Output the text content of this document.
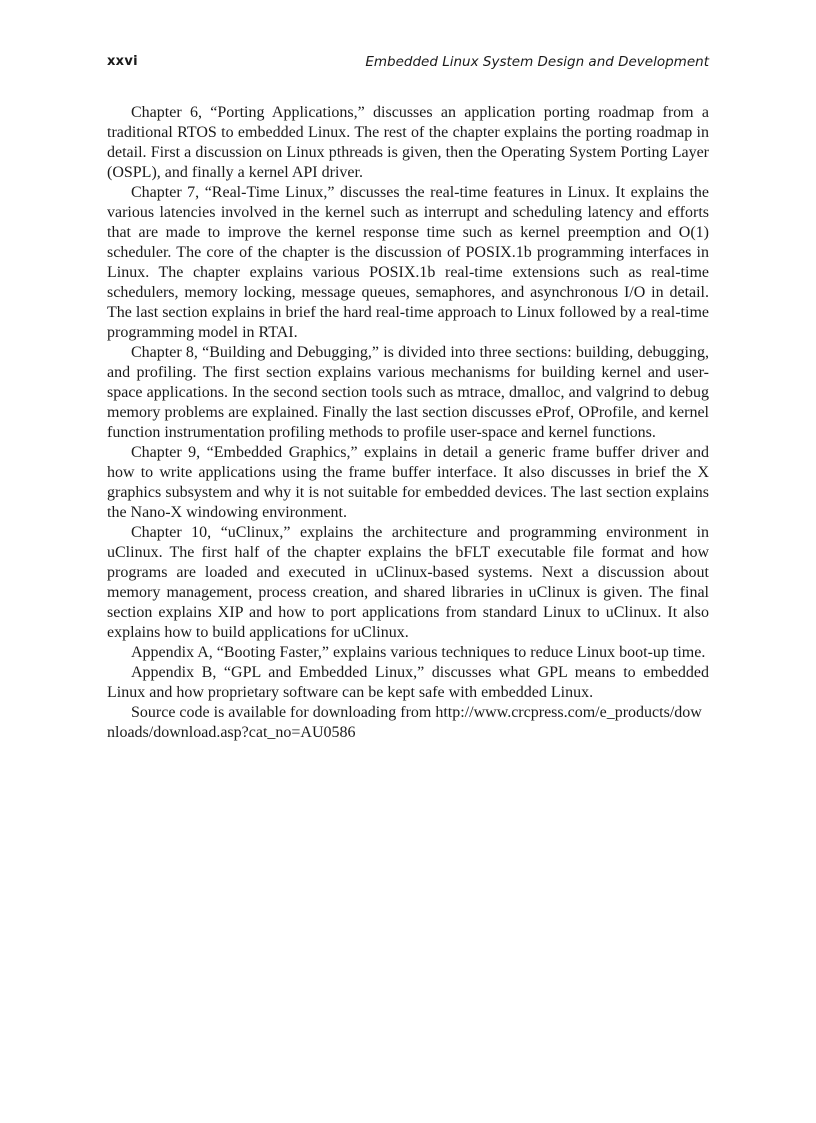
xxvi	Embedded Linux System Design and Development

Chapter 6, “Porting Applications,” discusses an application porting roadmap from a traditional RTOS to embedded Linux. The rest of the chapter explains the porting roadmap in detail. First a discussion on Linux pthreads is given, then the Operating System Porting Layer (OSPL), and finally a kernel API driver.

Chapter 7, “Real-Time Linux,” discusses the real-time features in Linux. It explains the various latencies involved in the kernel such as interrupt and scheduling latency and efforts that are made to improve the kernel response time such as kernel preemption and O(1) scheduler. The core of the chapter is the discussion of POSIX.1b programming interfaces in Linux. The chapter explains various POSIX.1b real-time extensions such as real-time schedulers, memory locking, message queues, semaphores, and asynchronous I/O in detail. The last section explains in brief the hard real-time approach to Linux followed by a real-time programming model in RTAI.

Chapter 8, “Building and Debugging,” is divided into three sections: building, debugging, and profiling. The first section explains various mechanisms for building kernel and user-space applications. In the second section tools such as mtrace, dmalloc, and valgrind to debug memory problems are explained. Finally the last section discusses eProf, OProfile, and kernel function instrumentation profiling methods to profile user-space and kernel functions.

Chapter 9, “Embedded Graphics,” explains in detail a generic frame buffer driver and how to write applications using the frame buffer interface. It also discusses in brief the X graphics subsystem and why it is not suitable for embedded devices. The last section explains the Nano-X windowing environment.

Chapter 10, “uClinux,” explains the architecture and programming environment in uClinux. The first half of the chapter explains the bFLT executable file format and how programs are loaded and executed in uClinux-based systems. Next a discussion about memory management, process creation, and shared libraries in uClinux is given. The final section explains XIP and how to port applications from standard Linux to uClinux. It also explains how to build applications for uClinux.

Appendix A, “Booting Faster,” explains various techniques to reduce Linux boot-up time.

Appendix B, “GPL and Embedded Linux,” discusses what GPL means to embedded Linux and how proprietary software can be kept safe with embedded Linux.

Source code is available for downloading from http://www.crcpress.com/e_products/downloads/download.asp?cat_no=AU0586
